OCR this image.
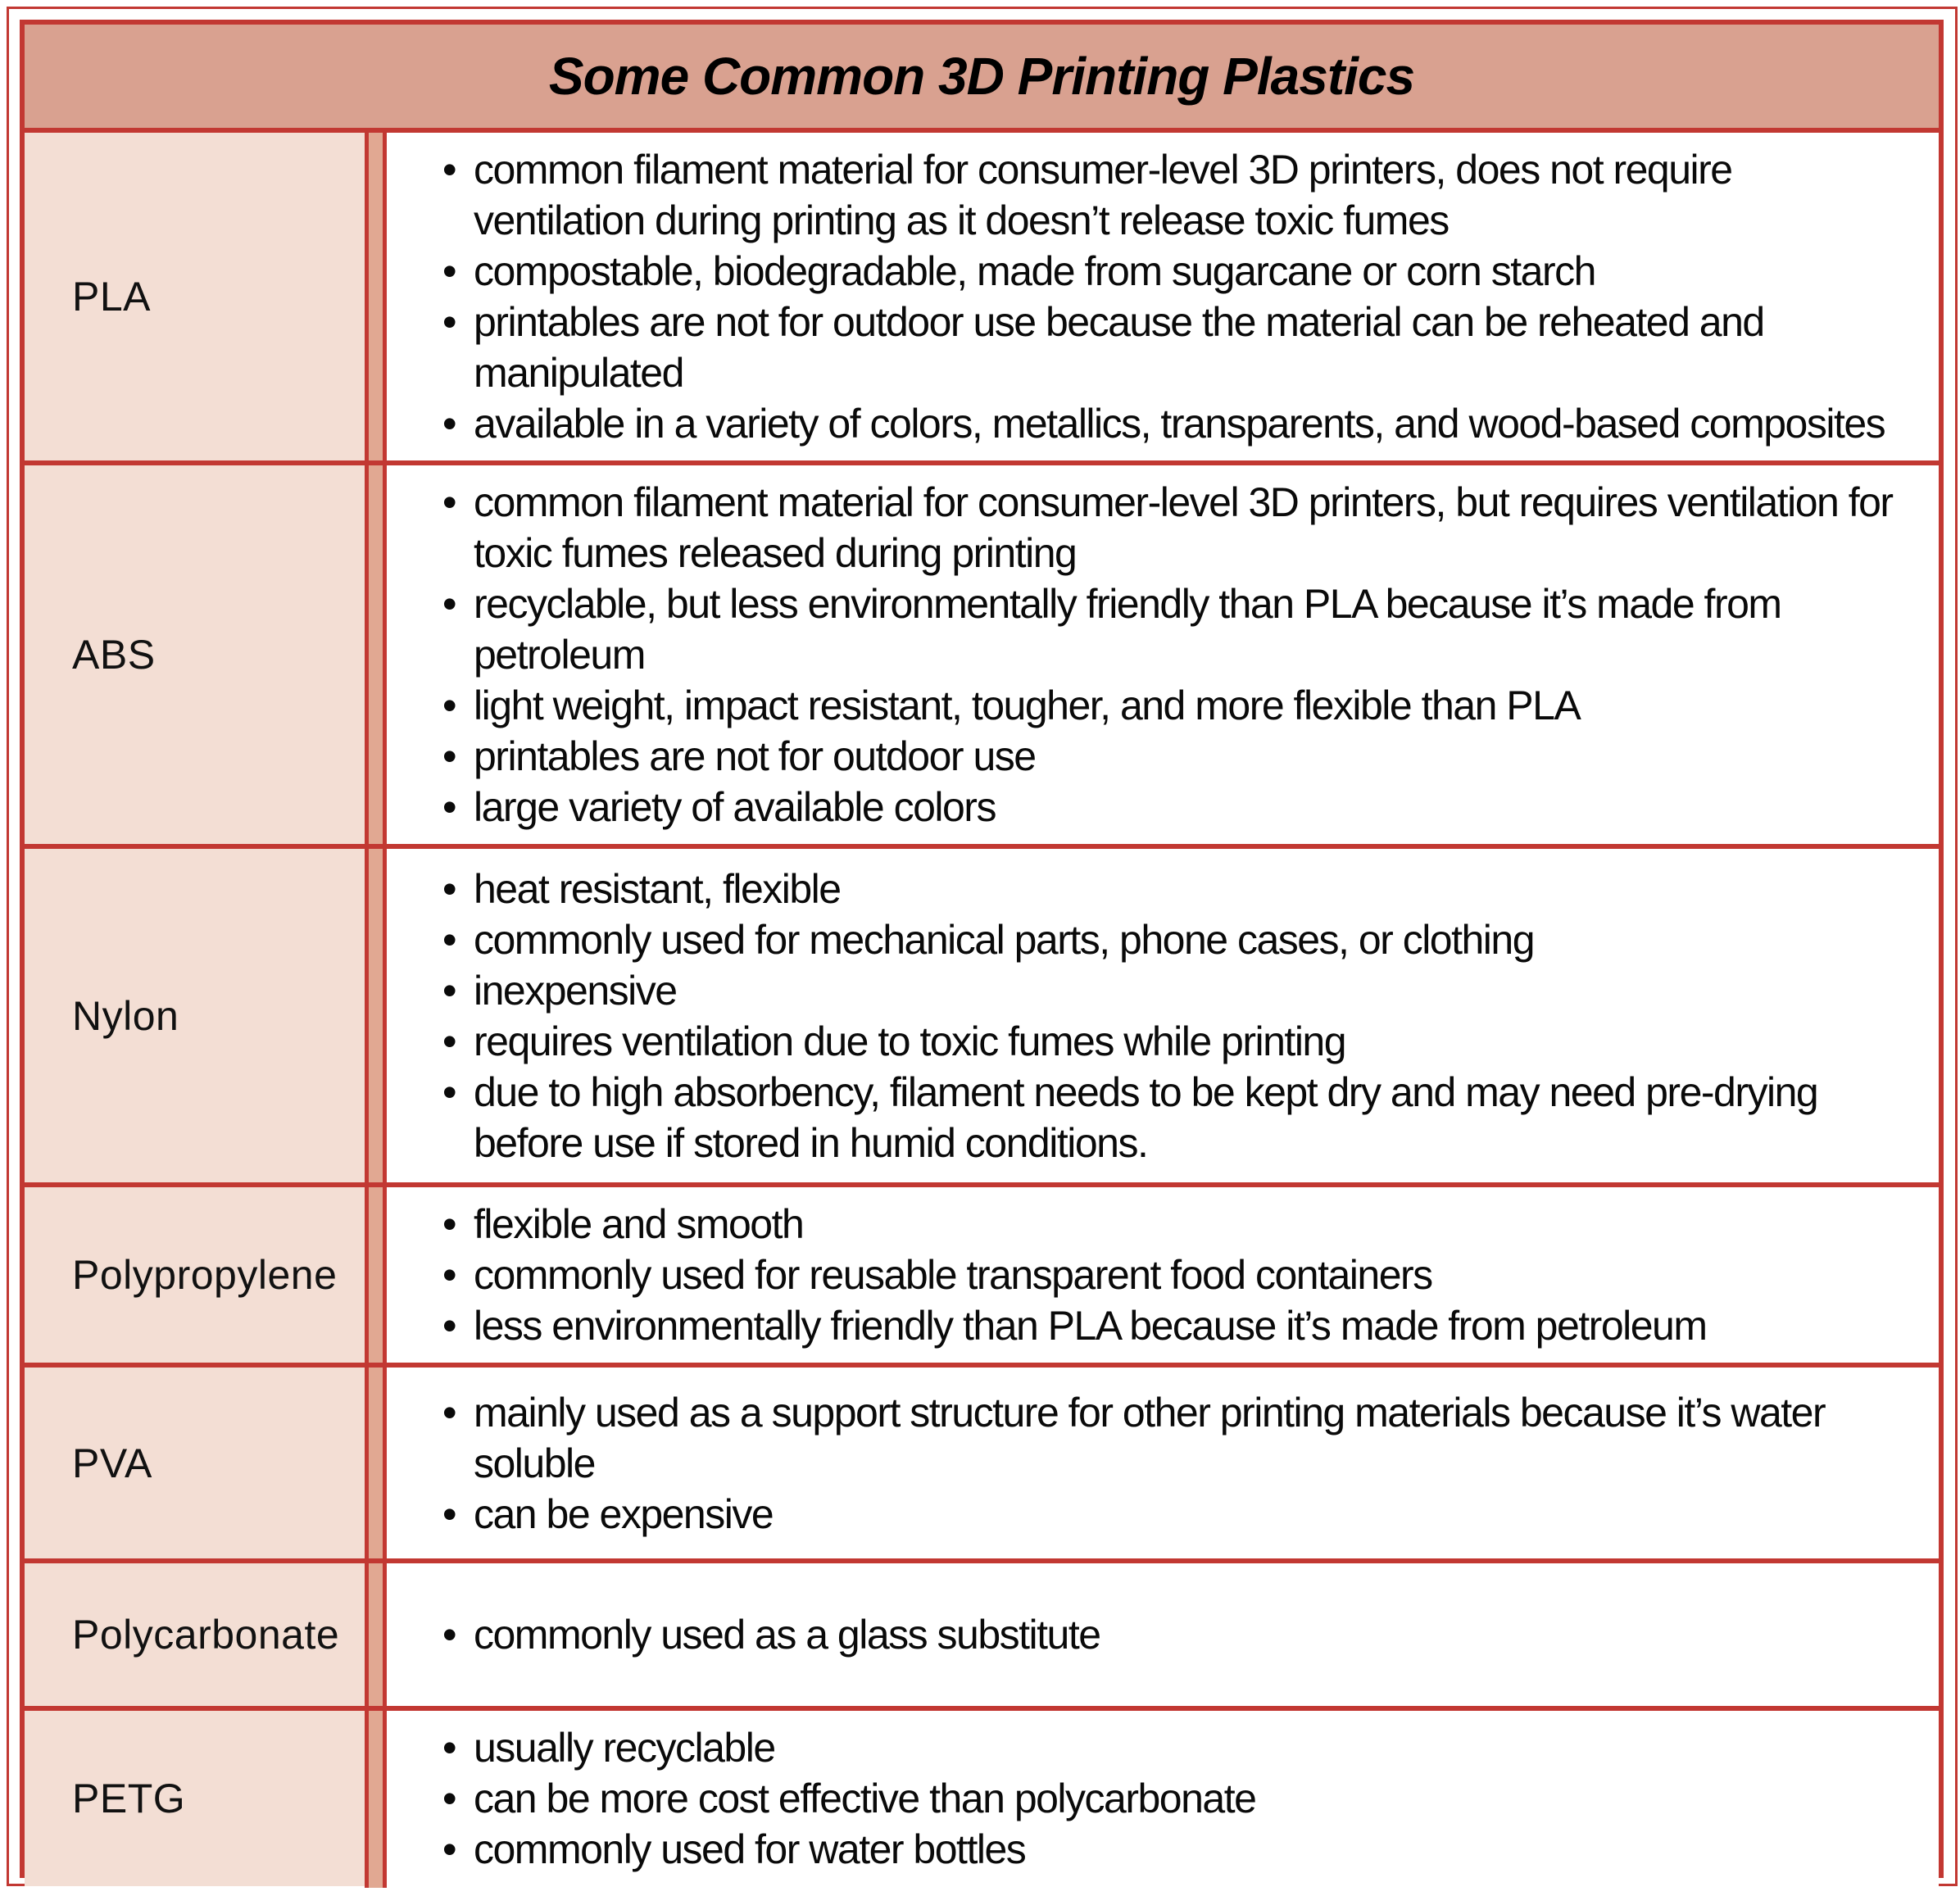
Some Common 3D Printing Plastics
PLA
• common filament material for consumer-level 3D printers, does not require ventilation during printing as it doesn’t release toxic fumes
• compostable, biodegradable, made from sugarcane or corn starch
• printables are not for outdoor use because the material can be reheated and manipulated
• available in a variety of colors, metallics, transparents, and wood-based composites
ABS
• common filament material for consumer-level 3D printers, but requires ventilation for toxic fumes released during printing
• recyclable, but less environmentally friendly than PLA because it’s made from petroleum
• light weight, impact resistant, tougher, and more flexible than PLA
• printables are not for outdoor use
• large variety of available colors
Nylon
• heat resistant, flexible
• commonly used for mechanical parts, phone cases, or clothing
• inexpensive
• requires ventilation due to toxic fumes while printing
• due to high absorbency, filament needs to be kept dry and may need pre-drying before use if stored in humid conditions.
Polypropylene
• flexible and smooth
• commonly used for reusable transparent food containers
• less environmentally friendly than PLA because it’s made from petroleum
PVA
• mainly used as a support structure for other printing materials because it’s water soluble
• can be expensive
Polycarbonate	• commonly used as a glass substitute
PETG
• usually recyclable
• can be more cost effective than polycarbonate
• commonly used for water bottles
